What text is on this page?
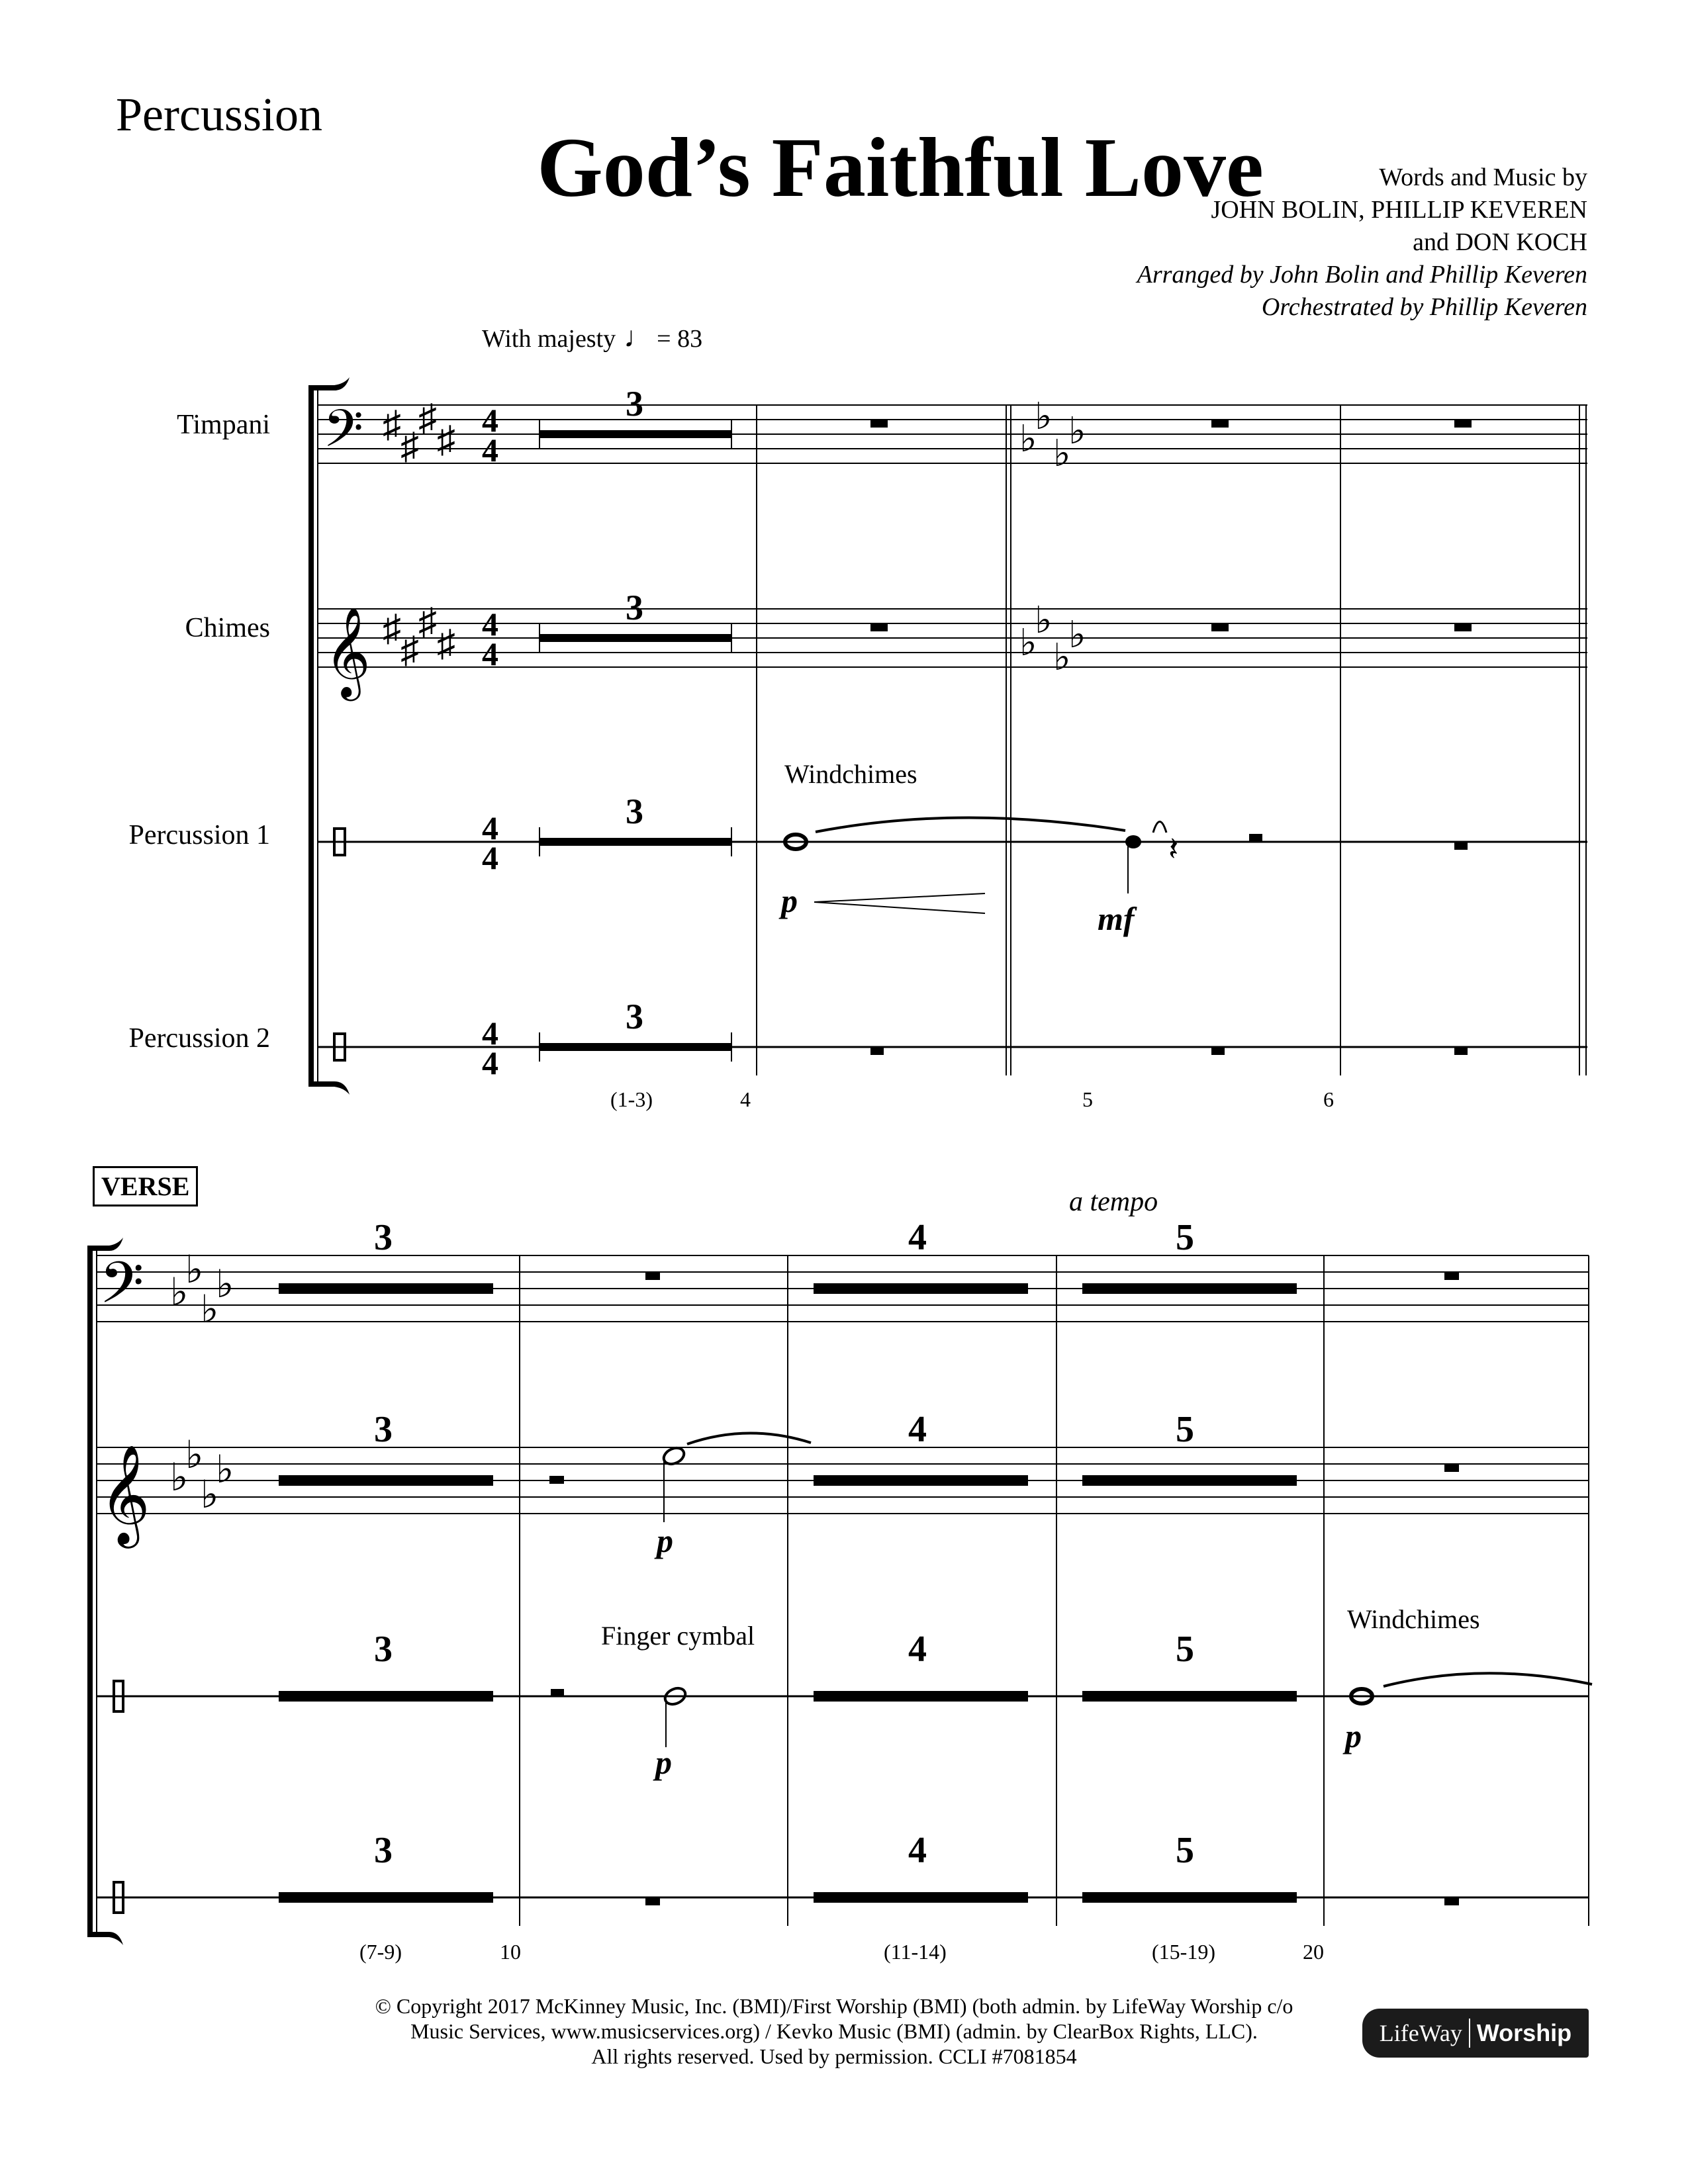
Percussion
God’s Faithful Love	Words and Music by
JOHN BOLIN, PHILLIP KEVEREN
and DON KOCH
Arranged by John Bolin and Phillip Keveren
Orchestrated by Phillip Keveren
With majesty ♩ = 83
Timpani
Chimes
Percussion 1
Percussion 2
𝄢
𝄞
♯
♯
♯
♯
♯
♯
♯
♯
4
4
4
4
4
4
4
4
♭
♭
♭
♭
♭
♭
♭
♭
𝄽
3
3
3
3
Windchimes
p	mf
(1-3)	4	5	6
VERSE
a tempo
𝄢
𝄞
♭
♭
♭
♭
♭
♭
♭
♭
3	4	5
3	4	5
3	4	5
3	4	5
p
Finger cymbal
p
Windchimes
p
(7-9)	10	(11-14)	(15-19)	20
© Copyright 2017 McKinney Music, Inc. (BMI)/First Worship (BMI) (both admin. by LifeWay Worship c/o
Music Services, www.musicservices.org) / Kevko Music (BMI) (admin. by ClearBox Rights, LLC).
All rights reserved. Used by permission. CCLI #7081854
LifeWay Worship
